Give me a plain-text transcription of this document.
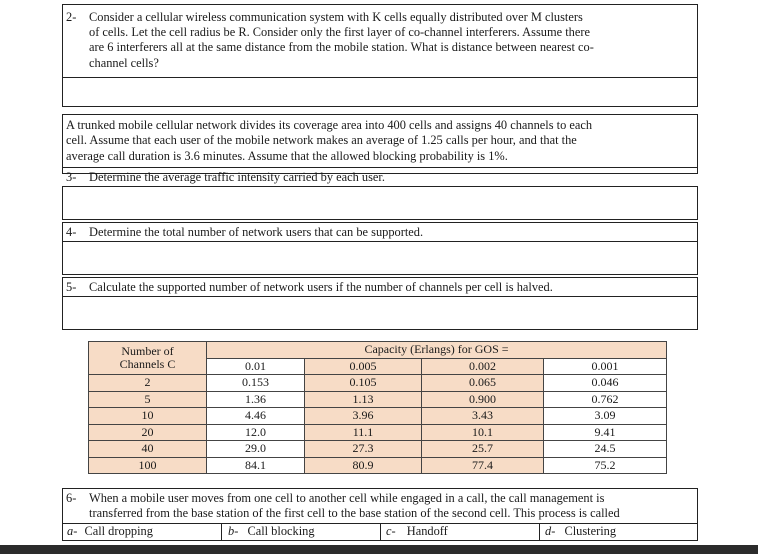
2- Consider a cellular wireless communication system with K cells equally distributed over M clusters
of cells. Let the cell radius be R. Consider only the first layer of co-channel interferers. Assume there
are 6 interferers all at the same distance from the mobile station. What is distance between nearest co-
channel cells?
A trunked mobile cellular network divides its coverage area into 400 cells and assigns 40 channels to each
cell. Assume that each user of the mobile network makes an average of 1.25 calls per hour, and that the
average call duration is 3.6 minutes. Assume that the allowed blocking probability is 1%.
3- Determine the average traffic intensity carried by each user.
4- Determine the total number of network users that can be supported.
5- Calculate the supported number of network users if the number of channels per cell is halved.
Number of
Channels C	Capacity (Erlangs) for GOS =			
	0.01	0.005	0.002	0.001
2	0.153	0.105	0.065	0.046
5	1.36	1.13	0.900	0.762
10	4.46	3.96	3.43	3.09
20	12.0	11.1	10.1	9.41
40	29.0	27.3	25.7	24.5
100	84.1	80.9	77.4	75.2
6- When a mobile user moves from one cell to another cell while engaged in a call, the call management is
transferred from the base station of the first cell to the base station of the second cell. This process is called
a- Call dropping	b- Call blocking	c- Handoff	d- Clustering
